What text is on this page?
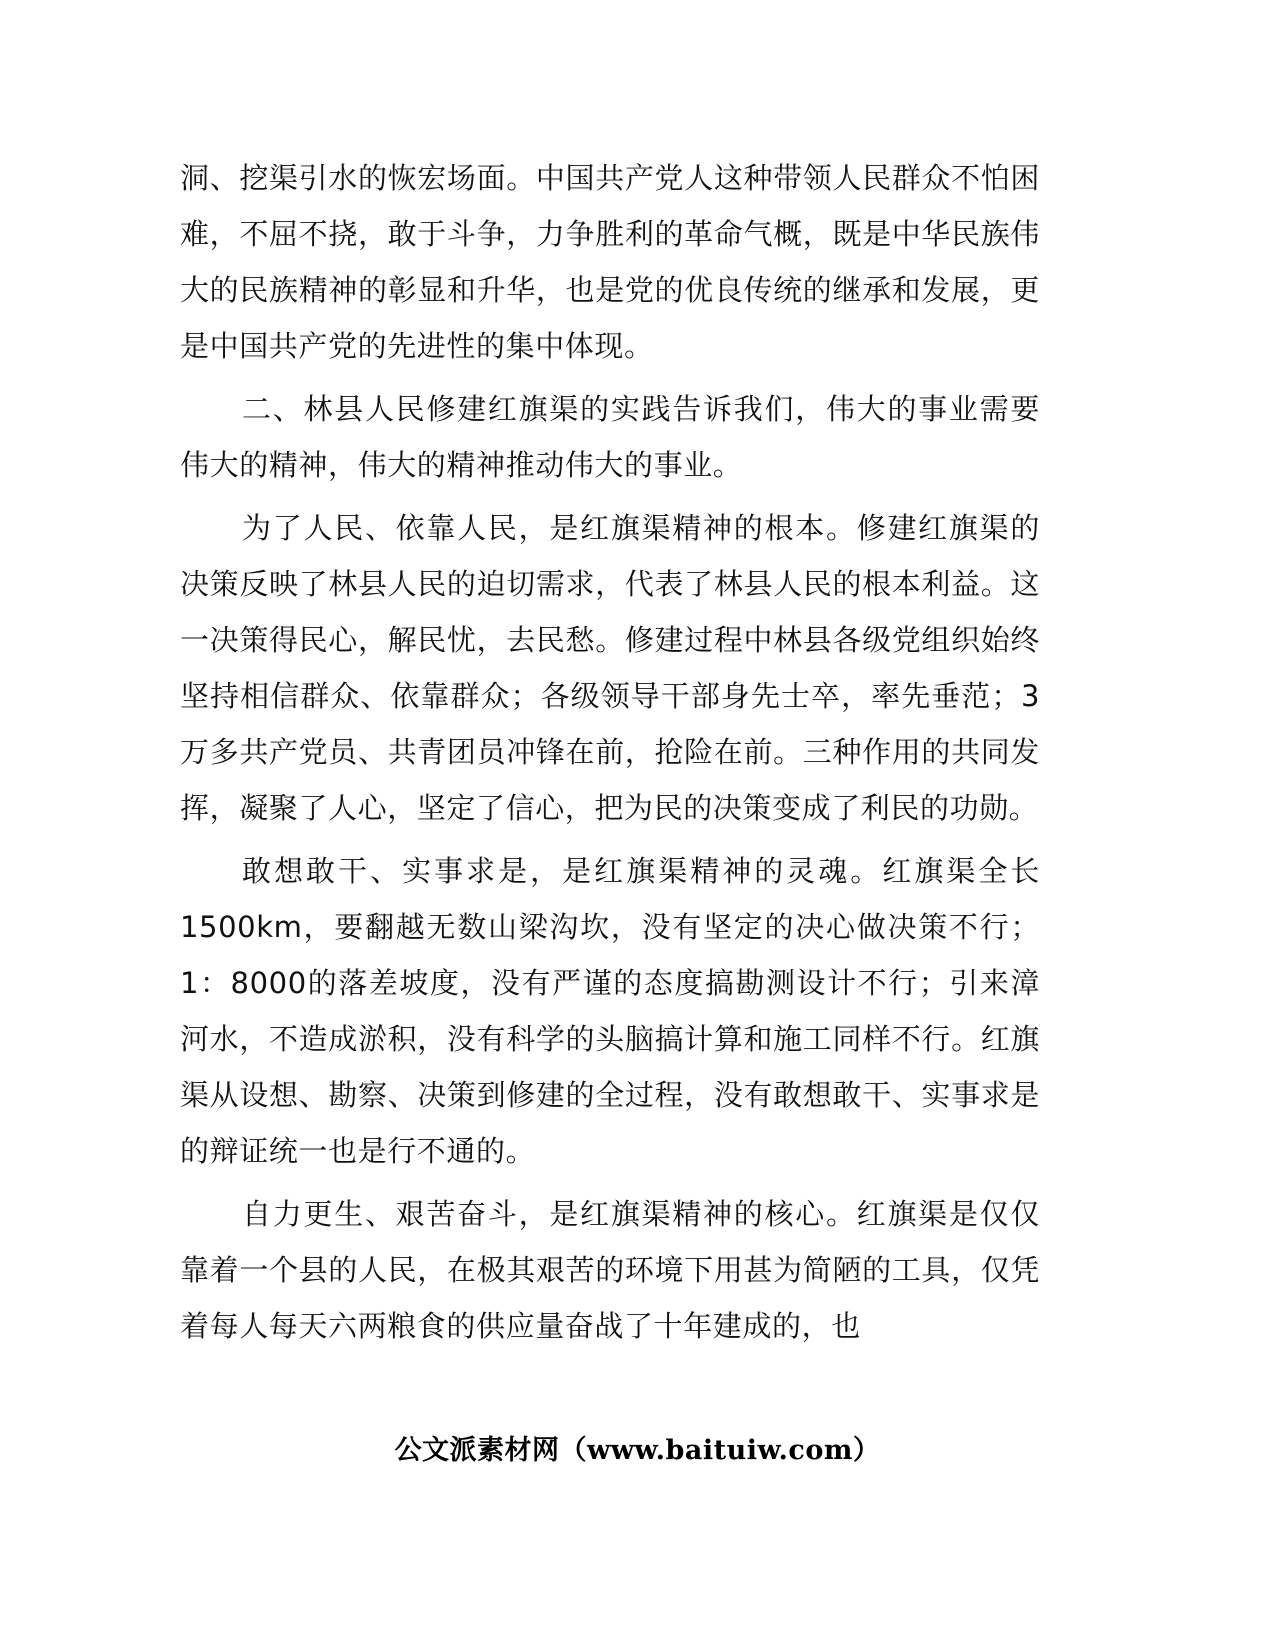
洞、挖渠引水的恢宏场面。中国共产党人这种带领人民群众不怕困难，不屈不挠，敢于斗争，力争胜利的革命气概，既是中华民族伟大的民族精神的彰显和升华，也是党的优良传统的继承和发展，更是中国共产党的先进性的集中体现。

二、林县人民修建红旗渠的实践告诉我们，伟大的事业需要伟大的精神，伟大的精神推动伟大的事业。

为了人民、依靠人民，是红旗渠精神的根本。修建红旗渠的决策反映了林县人民的迫切需求，代表了林县人民的根本利益。这一决策得民心，解民忧，去民愁。修建过程中林县各级党组织始终坚持相信群众、依靠群众；各级领导干部身先士卒，率先垂范；3万多共产党员、共青团员冲锋在前，抢险在前。三种作用的共同发挥，凝聚了人心，坚定了信心，把为民的决策变成了利民的功勋。

敢想敢干、实事求是，是红旗渠精神的灵魂。红旗渠全长1500km，要翻越无数山梁沟坎，没有坚定的决心做决策不行；1：8000的落差坡度，没有严谨的态度搞勘测设计不行；引来漳河水，不造成淤积，没有科学的头脑搞计算和施工同样不行。红旗渠从设想、勘察、决策到修建的全过程，没有敢想敢干、实事求是的辩证统一也是行不通的。

自力更生、艰苦奋斗，是红旗渠精神的核心。红旗渠是仅仅靠着一个县的人民，在极其艰苦的环境下用甚为简陋的工具，仅凭着每人每天六两粮食的供应量奋战了十年建成的，也

公文派素材网（www.baituiw.com）
